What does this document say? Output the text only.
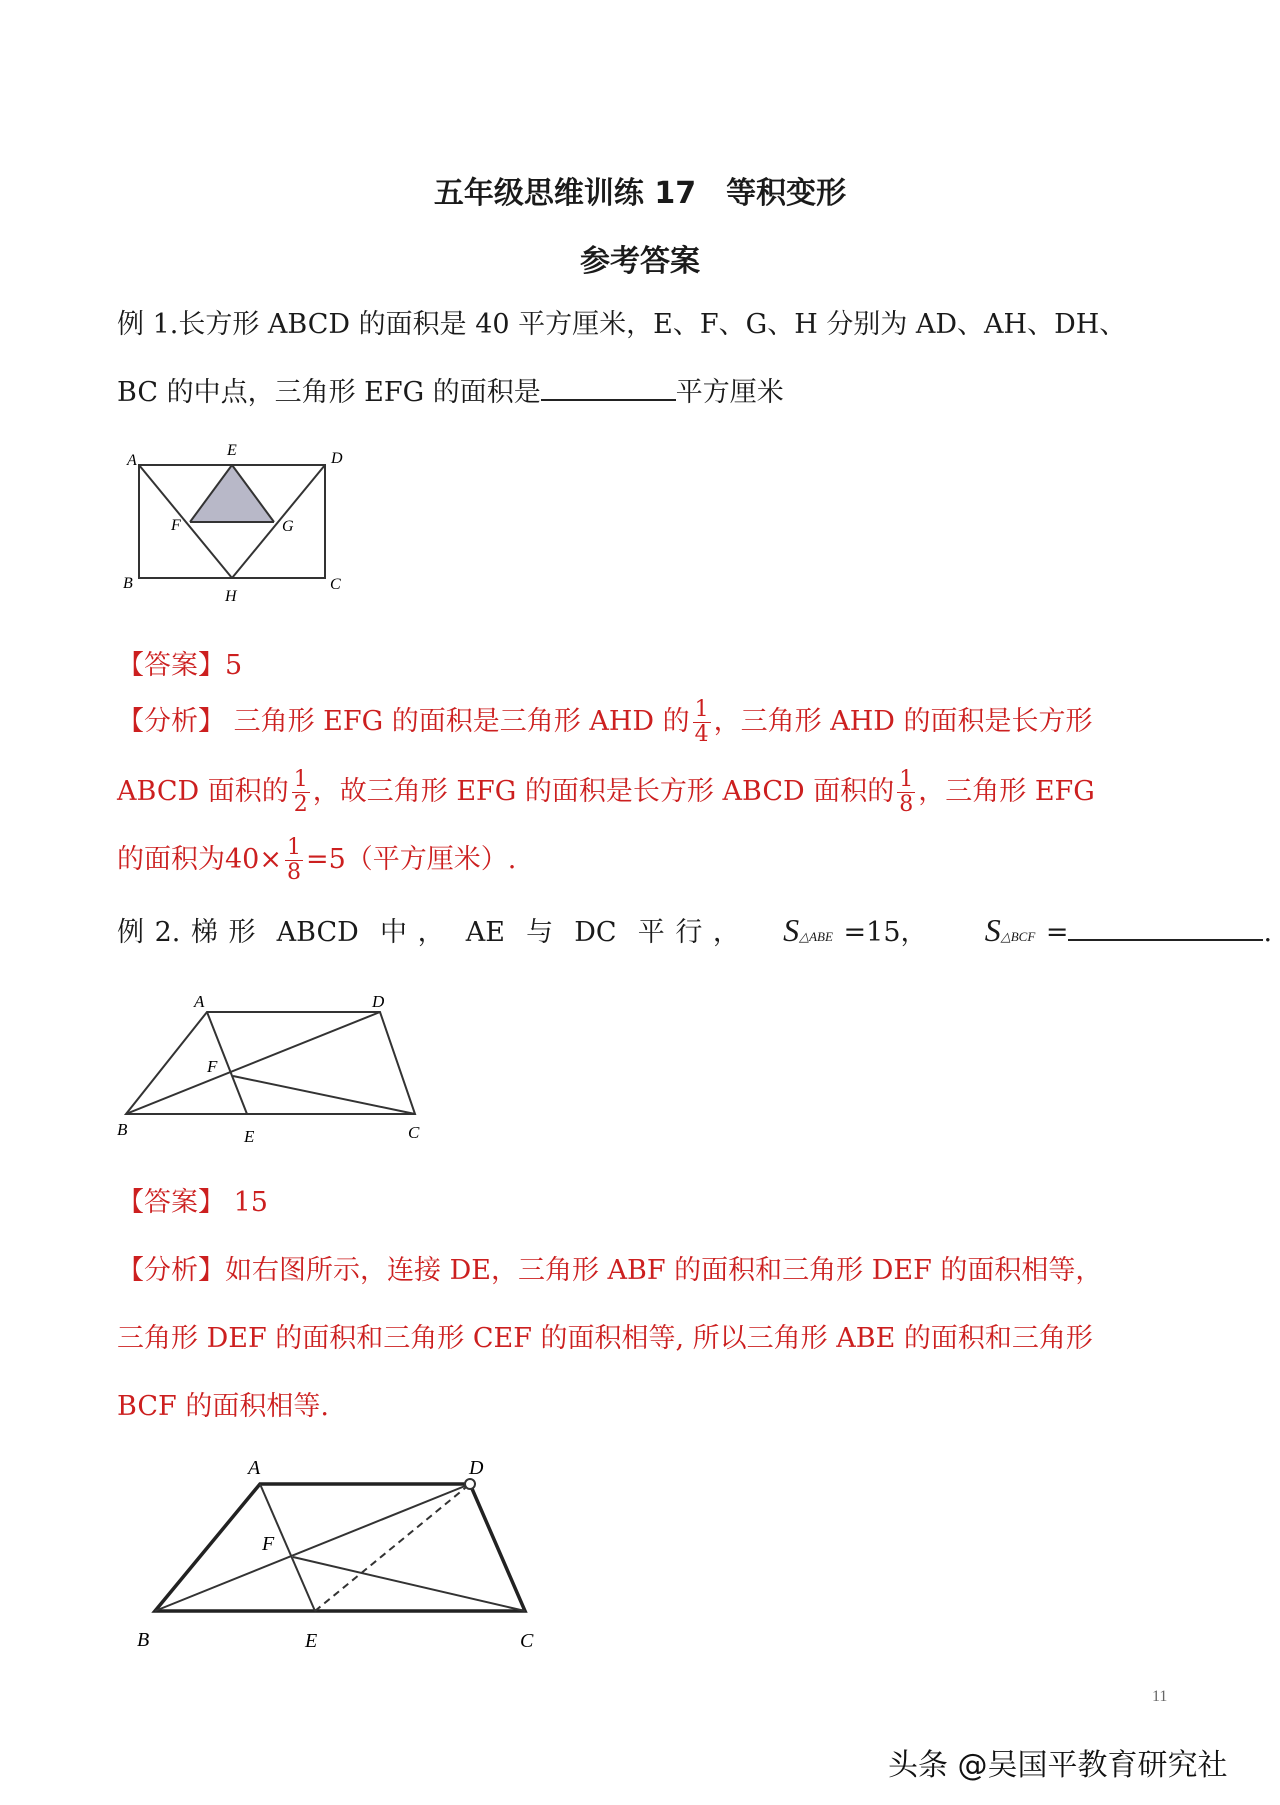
五年级思维训练 17　等积变形
参考答案
例 1.长方形 ABCD 的面积是 40 平方厘米，E、F、G、H 分别为 AD、AH、DH、
BC 的中点，三角形 EFG 的面积是	平方厘米
A
E	D
F	G
B
H
C
【答案】5
【分析】 三角形 EFG 的面积是三角形 AHD 的 $\frac{1}{4}$ ，三角形 AHD 的面积是长方形
ABCD 面积的 $\frac{1}{2}$ ，故三角形 EFG 的面积是长方形 ABCD 面积的 $\frac{1}{8}$ ，三角形 EFG
的面积为$40\times \frac{1}{8} =5$（平方厘米）.
例 2. 梯 形  ABCD  中 ，  AE  与  DC  平 行 ， S△ABE =15， S△BCF =	.
A	D
F
B	E	C
【答案】 15
【分析】如右图所示，连接 DE，三角形 ABF 的面积和三角形 DEF 的面积相等，
三角形 DEF 的面积和三角形 CEF 的面积相等, 所以三角形 ABE 的面积和三角形
BCF 的面积相等.
A	D
F
B	E	C
11
头条 @吴国平教育研究社
